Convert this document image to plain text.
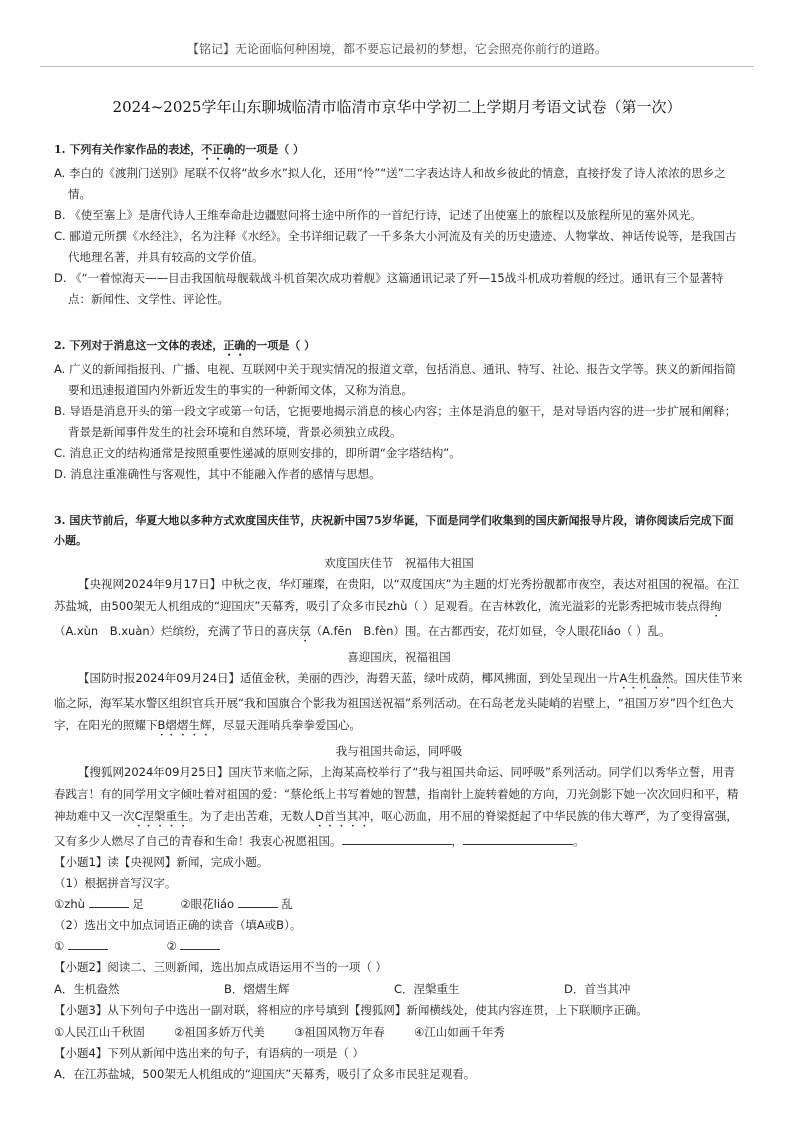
【铭记】无论面临何种困境，都不要忘记最初的梦想，它会照亮你前行的道路。
2024~2025学年山东聊城临清市临清市京华中学初二上学期月考语文试卷（第一次）

1. 下列有关作家作品的表述，不正确的一项是（ ）

A. 李白的《渡荆门送别》尾联不仅将“故乡水”拟人化，还用“怜”“送”二字表达诗人和故乡彼此的情意，直接抒发了诗人浓浓的思乡之情。

B. 《使至塞上》是唐代诗人王维奉命赴边疆慰问将士途中所作的一首纪行诗，记述了出使塞上的旅程以及旅程所见的塞外风光。

C. 郦道元所撰《水经注》，名为注释《水经》。全书详细记载了一千多条大小河流及有关的历史遗迹、人物掌故、神话传说等，是我国古代地理名著，并具有较高的文学价值。

D. 《“一着惊海天——目击我国航母舰载战斗机首架次成功着舰》这篇通讯记录了歼—15战斗机成功着舰的经过。通讯有三个显著特点：新闻性、文学性、评论性。

2. 下列对于消息这一文体的表述，正确的一项是（ ）

A. 广义的新闻指报刊、广播、电视、互联网中关于现实情况的报道文章，包括消息、通讯、特写、社论、报告文学等。狭义的新闻指简要和迅速报道国内外新近发生的事实的一种新闻文体，又称为消息。

B. 导语是消息开头的第一段文字或第一句话，它扼要地揭示消息的核心内容；主体是消息的躯干，是对导语内容的进一步扩展和阐释；背景是新闻事件发生的社会环境和自然环境，背景必须独立成段。

C. 消息正文的结构通常是按照重要性递减的原则安排的，即所谓“金字塔结构”。

D. 消息注重准确性与客观性，其中不能融入作者的感情与思想。

3. 国庆节前后，华夏大地以多种方式欢度国庆佳节，庆祝新中国75岁华诞，下面是同学们收集到的国庆新闻报导片段，请你阅读后完成下面小题。

欢度国庆佳节　祝福伟大祖国

【央视网2024年9月17日】中秋之夜，华灯璀璨，在贵阳，以“双度国庆”为主题的灯光秀扮靓都市夜空，表达对祖国的祝福。在江苏盐城，由500架无人机组成的“迎国庆”天幕秀，吸引了众多市民zhù（ ）足观看。在吉林敦化，流光溢彩的光影秀把城市装点得绚（A.xùn　B.xuàn）烂缤纷，充满了节日的喜庆氛（A.fēn　B.fèn）围。在古都西安，花灯如昼，令人眼花liáo（ ）乱。

喜迎国庆，祝福祖国

【国防时报2024年09月24日】适值金秋，美丽的西沙，海碧天蓝，绿叶成荫，椰风拂面，到处呈现出一片A生机盎然。国庆佳节来临之际，海军某水警区组织官兵开展“我和国旗合个影我为祖国送祝福”系列活动。在石岛老龙头陡峭的岩壁上，“祖国万岁”四个红色大字，在阳光的照耀下B熠熠生辉，尽显天涯哨兵拳拳爱国心。

我与祖国共命运，同呼吸

【搜狐网2024年09月25日】国庆节来临之际，上海某高校举行了“我与祖国共命运、同呼吸”系列活动。同学们以秀华立誓，用青春践言！有的同学用文字倾吐着对祖国的爱：“蔡伦纸上书写着她的智慧，指南针上旋转着她的方向，刀光剑影下她一次次回归和平，精神劫难中又一次C涅槃重生。为了走出苦难，无数人D首当其冲，呕心沥血，用不屈的脊梁挺起了中华民族的伟大尊严，为了变得富强，又有多少人燃尽了自己的青春和生命！我衷心祝愿祖国。	，	。

【小题1】读【央视网】新闻，完成小题。

（1）根据拼音写汉字。

①zhù	足	②眼花liáo	乱

（2）选出文中加点词语正确的读音（填A或B）。

①	②

【小题2】阅读二、三则新闻，选出加点成语运用不当的一项（ ）

A．生机盎然	B．熠熠生辉	C．涅槃重生	D．首当其冲

【小题3】从下列句子中选出一副对联，将相应的序号填到【搜狐网】新闻横线处，使其内容连贯，上下联顺序正确。

①人民江山千秋固	②祖国多娇万代美	③祖国风物万年春	④江山如画千年秀

【小题4】下列从新闻中选出来的句子，有语病的一项是（ ）

A．在江苏盐城，500架无人机组成的“迎国庆”天幕秀，吸引了众多市民驻足观看。
